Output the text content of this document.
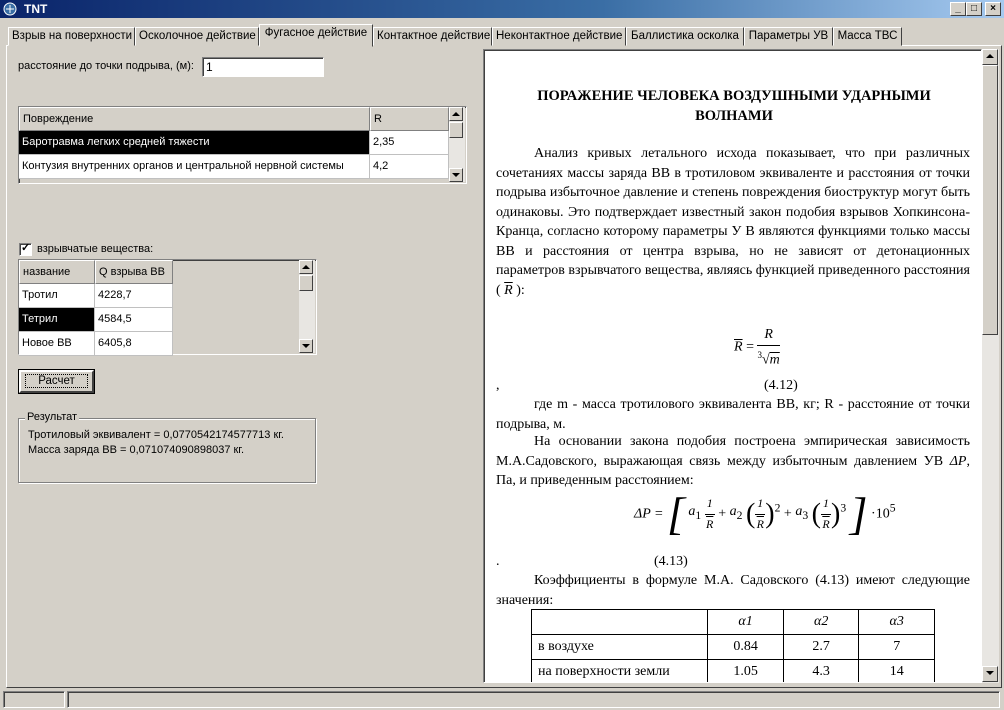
TNT	_	□	×
Взрыв на поверхности Осколочное действие Фугасное действие Контактное действие Неконтактное действие Баллистика осколка Параметры УВ Масса ТВС
расстояние до точки подрыва, (м):	1
Повреждение	R
Баротравма легких средней тяжести	2,35
Контузия внутренних органов и центральной нервной системы	4,2
✓ взрывчатые вещества:
название	Q взрыва ВВ
Тротил	4228,7
Тетрил	4584,5
Новое ВВ	6405,8
Расчет
Результат
Тротиловый эквивалент = 0,0770542174577713 кг.
Масса заряда ВВ = 0,071074090898037 кг.
ПОРАЖЕНИЕ ЧЕЛОВЕКА ВОЗДУШНЫМИ УДАРНЫМИ ВОЛНАМИ
Анализ кривых летального исхода показывает, что при различных сочетаниях массы заряда ВВ в тротиловом эквиваленте и расстояния от точки подрыва избыточное давление и степень повреждения биоструктур могут быть одинаковы. Это подтверждает известный закон подобия взрывов Хопкинсона-Кранца, согласно которому параметры У В являются функциями только массы ВВ и расстояния от центра взрыва, но не зависят от детонационных параметров взрывчатого вещества, являясь функцией приведенного расстояния ( $\overline{R}$ ):
$\overline{R} = \frac{R}{^3√m}$
,	(4.12)
где m - масса тротилового эквивалента ВВ, кг; R - расстояние от точки подрыва, м.
На основании закона подобия построена эмпирическая зависимость М.А.Садовского, выражающая связь между избыточным давлением УВ ΔP, Па, и приведенным расстоянием:
ΔP = [ $a_1 \frac{1}{R} + a_2$ ( $\frac{1}{R} )^2 + a_3$ ( $\frac{1}{R} )^3$ ] $\cdot 10^5$
.	(4.13)
Коэффициенты в формуле М.А. Садовского (4.13) имеют следующие значения:
	α1	α2	α3
в воздухе	0.84	2.7	7
на поверхности земли	1.05	4.3	14
